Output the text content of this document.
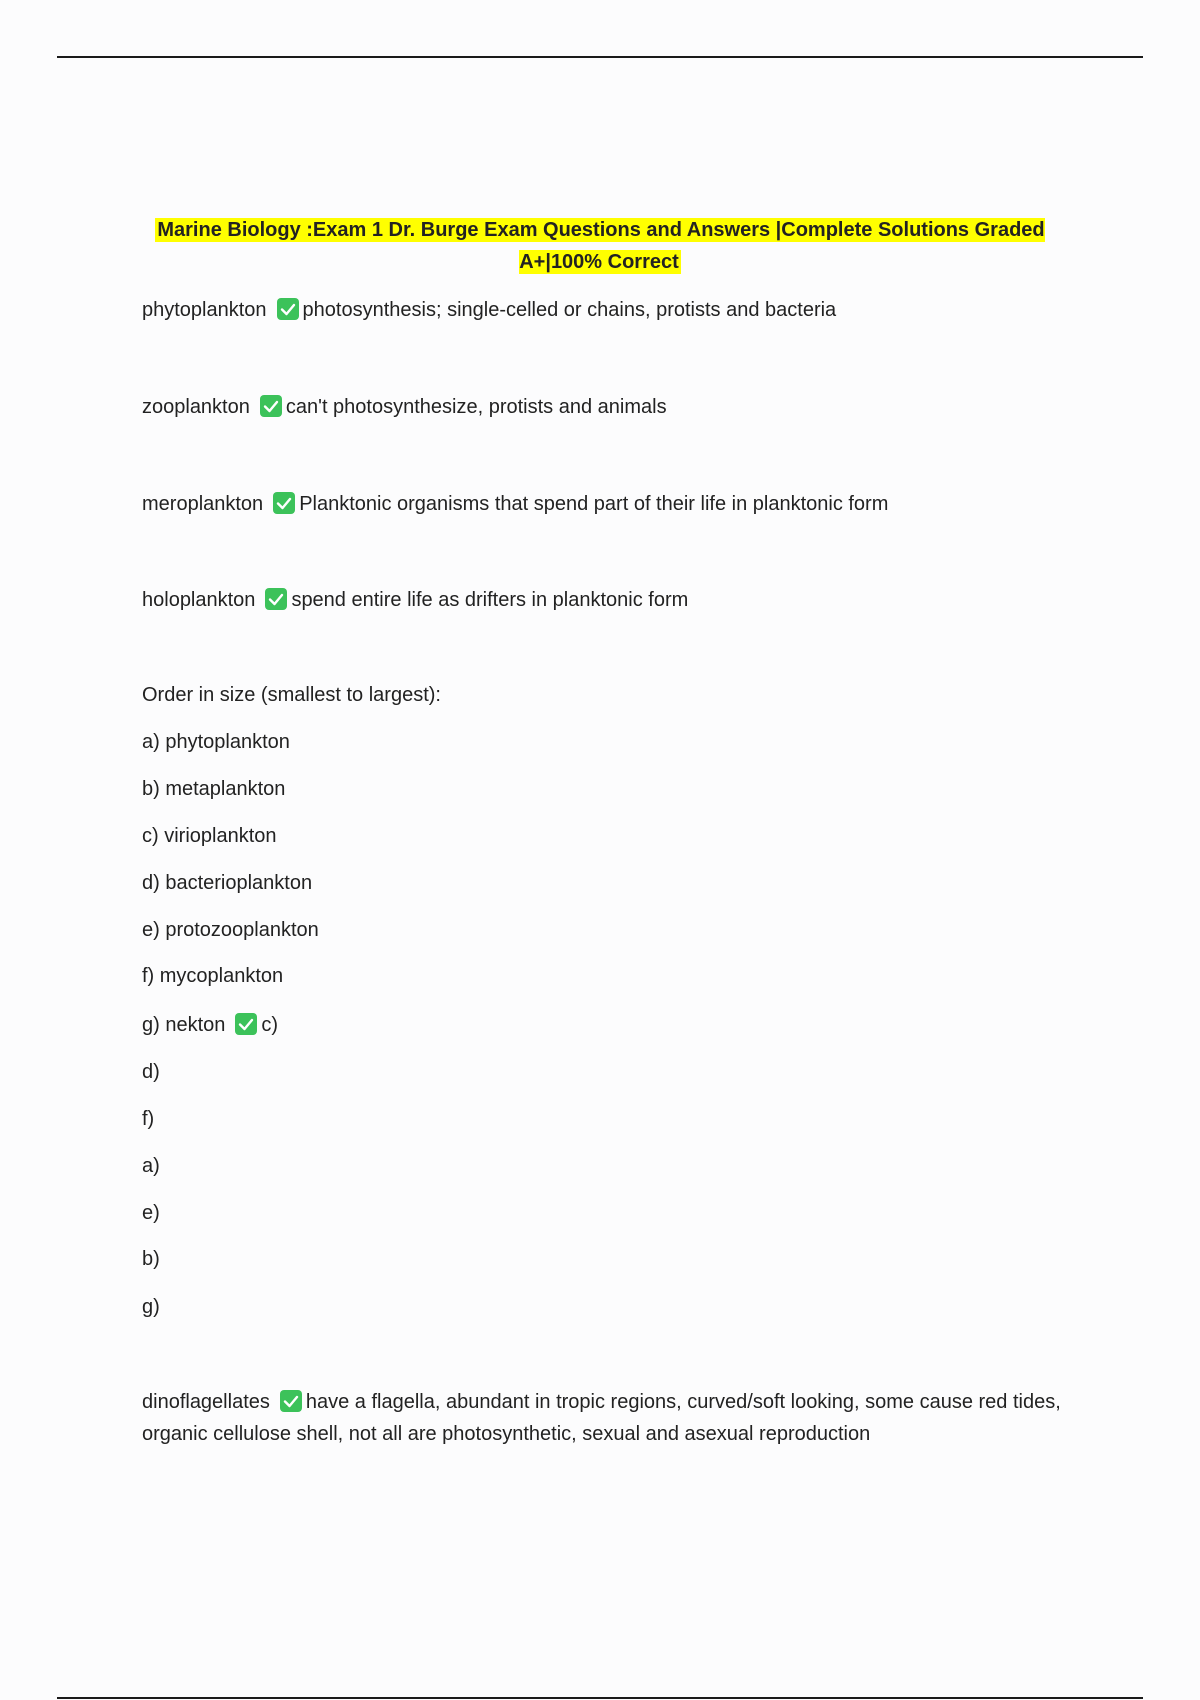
Marine Biology :Exam 1 Dr. Burge Exam Questions and Answers |Complete Solutions Graded A+|100% Correct
phytoplankton photosynthesis; single-celled or chains, protists and bacteria
zooplankton can't photosynthesize, protists and animals
meroplankton Planktonic organisms that spend part of their life in planktonic form
holoplankton spend entire life as drifters in planktonic form
Order in size (smallest to largest):
a) phytoplankton
b) metaplankton
c) virioplankton
d) bacterioplankton
e) protozooplankton
f) mycoplankton
g) nekton c)
d)
f)
a)
e)
b)
g)
dinoflagellates have a flagella, abundant in tropic regions, curved/soft looking, some cause red tides, organic cellulose shell, not all are photosynthetic, sexual and asexual reproduction
